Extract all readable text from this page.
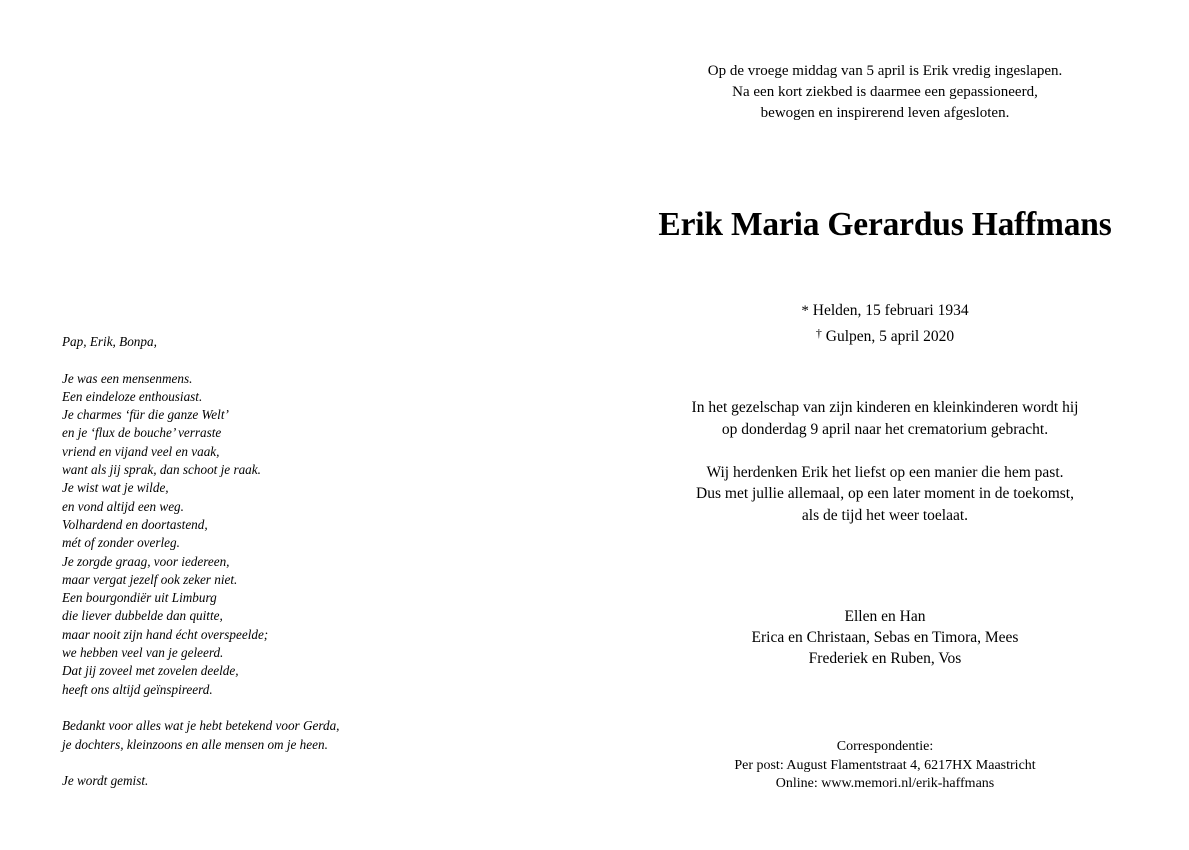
Pap, Erik, Bonpa,
Je was een mensenmens.
Een eindeloze enthousiast.
Je charmes ‘für die ganze Welt’
en je ‘flux de bouche’ verraste
vriend en vijand veel en vaak,
want als jij sprak, dan schoot je raak.
Je wist wat je wilde,
en vond altijd een weg.
Volhardend en doortastend,
mét of zonder overleg.
Je zorgde graag, voor iedereen,
maar vergat jezelf ook zeker niet.
Een bourgondiër uit Limburg
die liever dubbelde dan quitte,
maar nooit zijn hand écht overspeelde;
we hebben veel van je geleerd.
Dat jij zoveel met zovelen deelde,
heeft ons altijd geïnspireerd.
Bedankt voor alles wat je hebt betekend voor Gerda,
je dochters, kleinzoons en alle mensen om je heen.
Je wordt gemist.
Op de vroege middag van 5 april is Erik vredig ingeslapen.
Na een kort ziekbed is daarmee een gepassioneerd,
bewogen en inspirerend leven afgesloten.
Erik Maria Gerardus Haffmans
* Helden, 15 februari 1934
† Gulpen, 5 april 2020
In het gezelschap van zijn kinderen en kleinkinderen wordt hij
op donderdag 9 april naar het crematorium gebracht.
Wij herdenken Erik het liefst op een manier die hem past.
Dus met jullie allemaal, op een later moment in de toekomst,
als de tijd het weer toelaat.
Ellen en Han
Erica en Christaan, Sebas en Timora, Mees
Frederiek en Ruben, Vos
Correspondentie:
Per post: August Flamentstraat 4, 6217HX Maastricht
Online: www.memori.nl/erik-haffmans
